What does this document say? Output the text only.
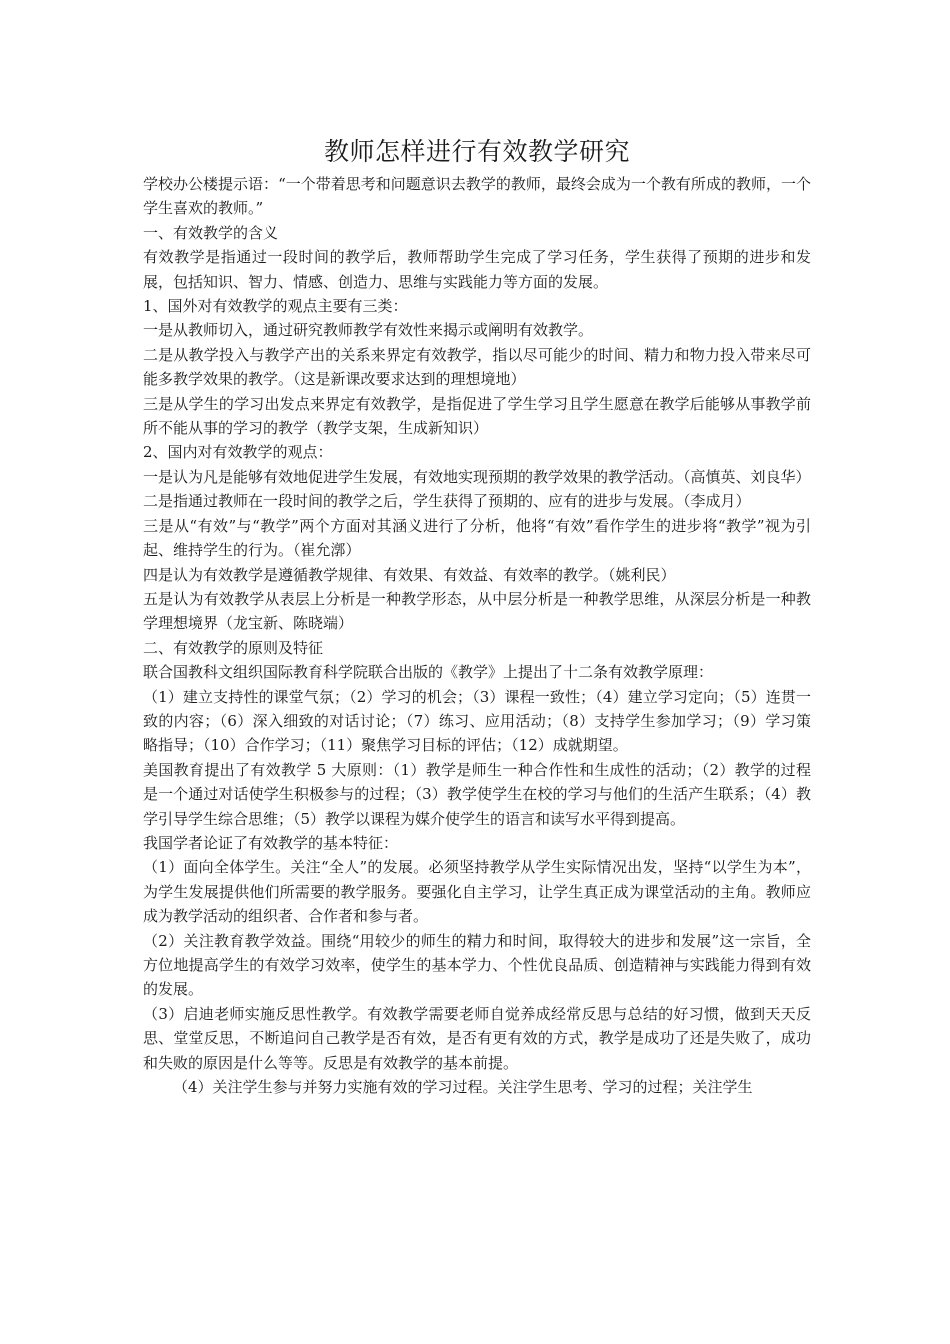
教师怎样进行有效教学研究

学校办公楼提示语：“一个带着思考和问题意识去教学的教师，最终会成为一个教有所成的教师，一个学生喜欢的教师。”

一、有效教学的含义

有效教学是指通过一段时间的教学后，教师帮助学生完成了学习任务，学生获得了预期的进步和发展，包括知识、智力、情感、创造力、思维与实践能力等方面的发展。

1、国外对有效教学的观点主要有三类：

一是从教师切入，通过研究教师教学有效性来揭示或阐明有效教学。

二是从教学投入与教学产出的关系来界定有效教学，指以尽可能少的时间、精力和物力投入带来尽可能多教学效果的教学。（这是新课改要求达到的理想境地）

三是从学生的学习出发点来界定有效教学，是指促进了学生学习且学生愿意在教学后能够从事教学前所不能从事的学习的教学（教学支架，生成新知识）

2、国内对有效教学的观点：

一是认为凡是能够有效地促进学生发展，有效地实现预期的教学效果的教学活动。（高慎英、刘良华）

二是指通过教师在一段时间的教学之后，学生获得了预期的、应有的进步与发展。（李成月）

三是从“有效”与“教学”两个方面对其涵义进行了分析，他将“有效”看作学生的进步将“教学”视为引起、维持学生的行为。（崔允漷）

四是认为有效教学是遵循教学规律、有效果、有效益、有效率的教学。（姚利民）

五是认为有效教学从表层上分析是一种教学形态，从中层分析是一种教学思维，从深层分析是一种教学理想境界（龙宝新、陈晓端）

二、有效教学的原则及特征

联合国教科文组织国际教育科学院联合出版的《教学》上提出了十二条有效教学原理：

（1）建立支持性的课堂气氛；（2）学习的机会；（3）课程一致性；（4）建立学习定向；（5）连贯一致的内容；（6）深入细致的对话讨论；（7）练习、应用活动；（8）支持学生参加学习；（9）学习策略指导；（10）合作学习；（11）聚焦学习目标的评估；（12）成就期望。

美国教育提出了有效教学 5 大原则：（1）教学是师生一种合作性和生成性的活动；（2）教学的过程是一个通过对话使学生积极参与的过程；（3）教学使学生在校的学习与他们的生活产生联系；（4）教学引导学生综合思维；（5）教学以课程为媒介使学生的语言和读写水平得到提高。

我国学者论证了有效教学的基本特征：

（1）面向全体学生。关注“全人”的发展。必须坚持教学从学生实际情况出发，坚持“以学生为本”，为学生发展提供他们所需要的教学服务。要强化自主学习，让学生真正成为课堂活动的主角。教师应成为教学活动的组织者、合作者和参与者。

（2）关注教育教学效益。围绕“用较少的师生的精力和时间，取得较大的进步和发展”这一宗旨，全方位地提高学生的有效学习效率，使学生的基本学力、个性优良品质、创造精神与实践能力得到有效的发展。

（3）启迪老师实施反思性教学。有效教学需要老师自觉养成经常反思与总结的好习惯，做到天天反思、堂堂反思，不断追问自己教学是否有效，是否有更有效的方式，教学是成功了还是失败了，成功和失败的原因是什么等等。反思是有效教学的基本前提。

（4）关注学生参与并努力实施有效的学习过程。关注学生思考、学习的过程；关注学生
